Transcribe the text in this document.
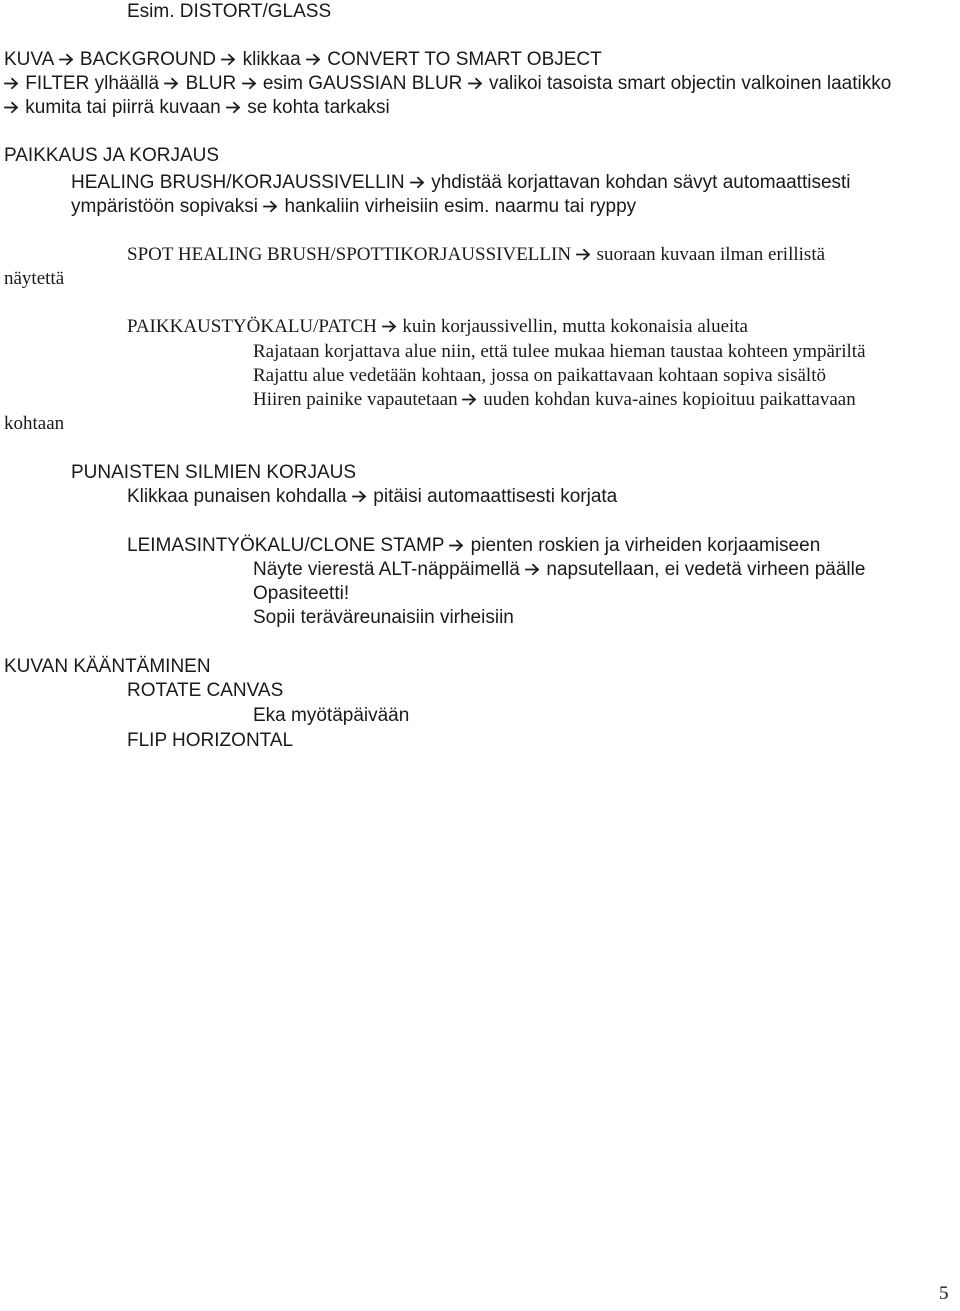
Esim. DISTORT/GLASS
KUVA
BACKGROUND
klikkaa
CONVERT TO SMART OBJECT
FILTER ylhäällä
BLUR
esim GAUSSIAN BLUR
valikoi tasoista smart objectin valkoinen laatikko
kumita tai piirrä kuvaan
se kohta tarkaksi
PAIKKAUS JA KORJAUS
HEALING BRUSH/KORJAUSSIVELLIN
yhdistää korjattavan kohdan sävyt automaattisesti
ympäristöön sopivaksi
hankaliin virheisiin esim. naarmu tai ryppy
SPOT HEALING BRUSH/SPOTTIKORJAUSSIVELLIN
suoraan kuvaan ilman erillistä
näytettä
PAIKKAUSTYÖKALU/PATCH
kuin korjaussivellin, mutta kokonaisia alueita
Rajataan korjattava alue niin, että tulee mukaa hieman taustaa kohteen ympäriltä
Rajattu alue vedetään kohtaan, jossa on paikattavaan kohtaan sopiva sisältö
Hiiren painike vapautetaan
uuden kohdan kuva-aines kopioituu paikattavaan
kohtaan
PUNAISTEN SILMIEN KORJAUS
Klikkaa punaisen kohdalla
pitäisi automaattisesti korjata
LEIMASINTYÖKALU/CLONE STAMP
pienten roskien ja virheiden korjaamiseen
Näyte vierestä ALT-näppäimellä
napsutellaan, ei vedetä virheen päälle
Opasiteetti!
Sopii teräväreunaisiin virheisiin
KUVAN KÄÄNTÄMINEN
ROTATE CANVAS
Eka myötäpäivään
FLIP HORIZONTAL
5
